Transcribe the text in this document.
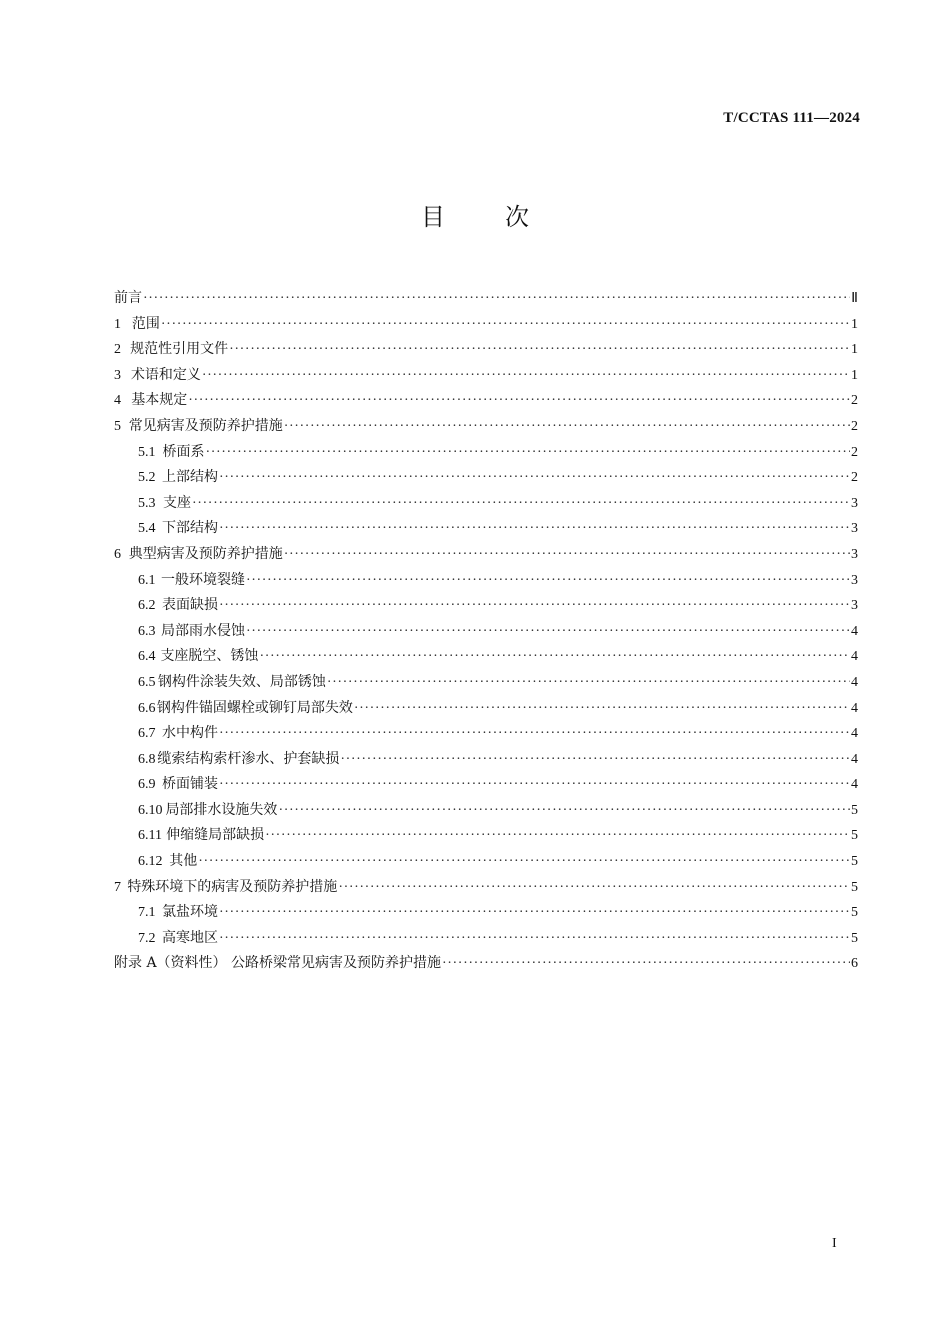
T/CCTAS 111—2024
目	次
前言 ·····	Ⅱ
1 范围 ·····	1
2 规范性引用文件 ·····	1
3 术语和定义 ·····	1
4 基本规定 ·····	2
5 常见病害及预防养护措施 ·····	2
5.1 桥面系 ·····	2
5.2 上部结构 ·····	2
5.3 支座 ·····	3
5.4 下部结构 ·····	3
6 典型病害及预防养护措施 ·····	3
6.1 一般环境裂缝 ·····	3
6.2 表面缺损 ·····	3
6.3 局部雨水侵蚀 ·····	4
6.4 支座脱空、锈蚀 ·····	4
6.5 钢构件涂装失效、局部锈蚀 ·····	4
6.6 钢构件锚固螺栓或铆钉局部失效 ·····	4
6.7 水中构件 ·····	4
6.8 缆索结构索杆渗水、护套缺损 ·····	4
6.9 桥面铺装 ·····	4
6.10 局部排水设施失效 ·····	5
6.11 伸缩缝局部缺损 ·····	5
6.12 其他 ·····	5
7 特殊环境下的病害及预防养护措施 ·····	5
7.1 氯盐环境 ·····	5
7.2 高寒地区 ·····	5
附录 A（资料性） 公路桥梁常见病害及预防养护措施 ·····	6
I
